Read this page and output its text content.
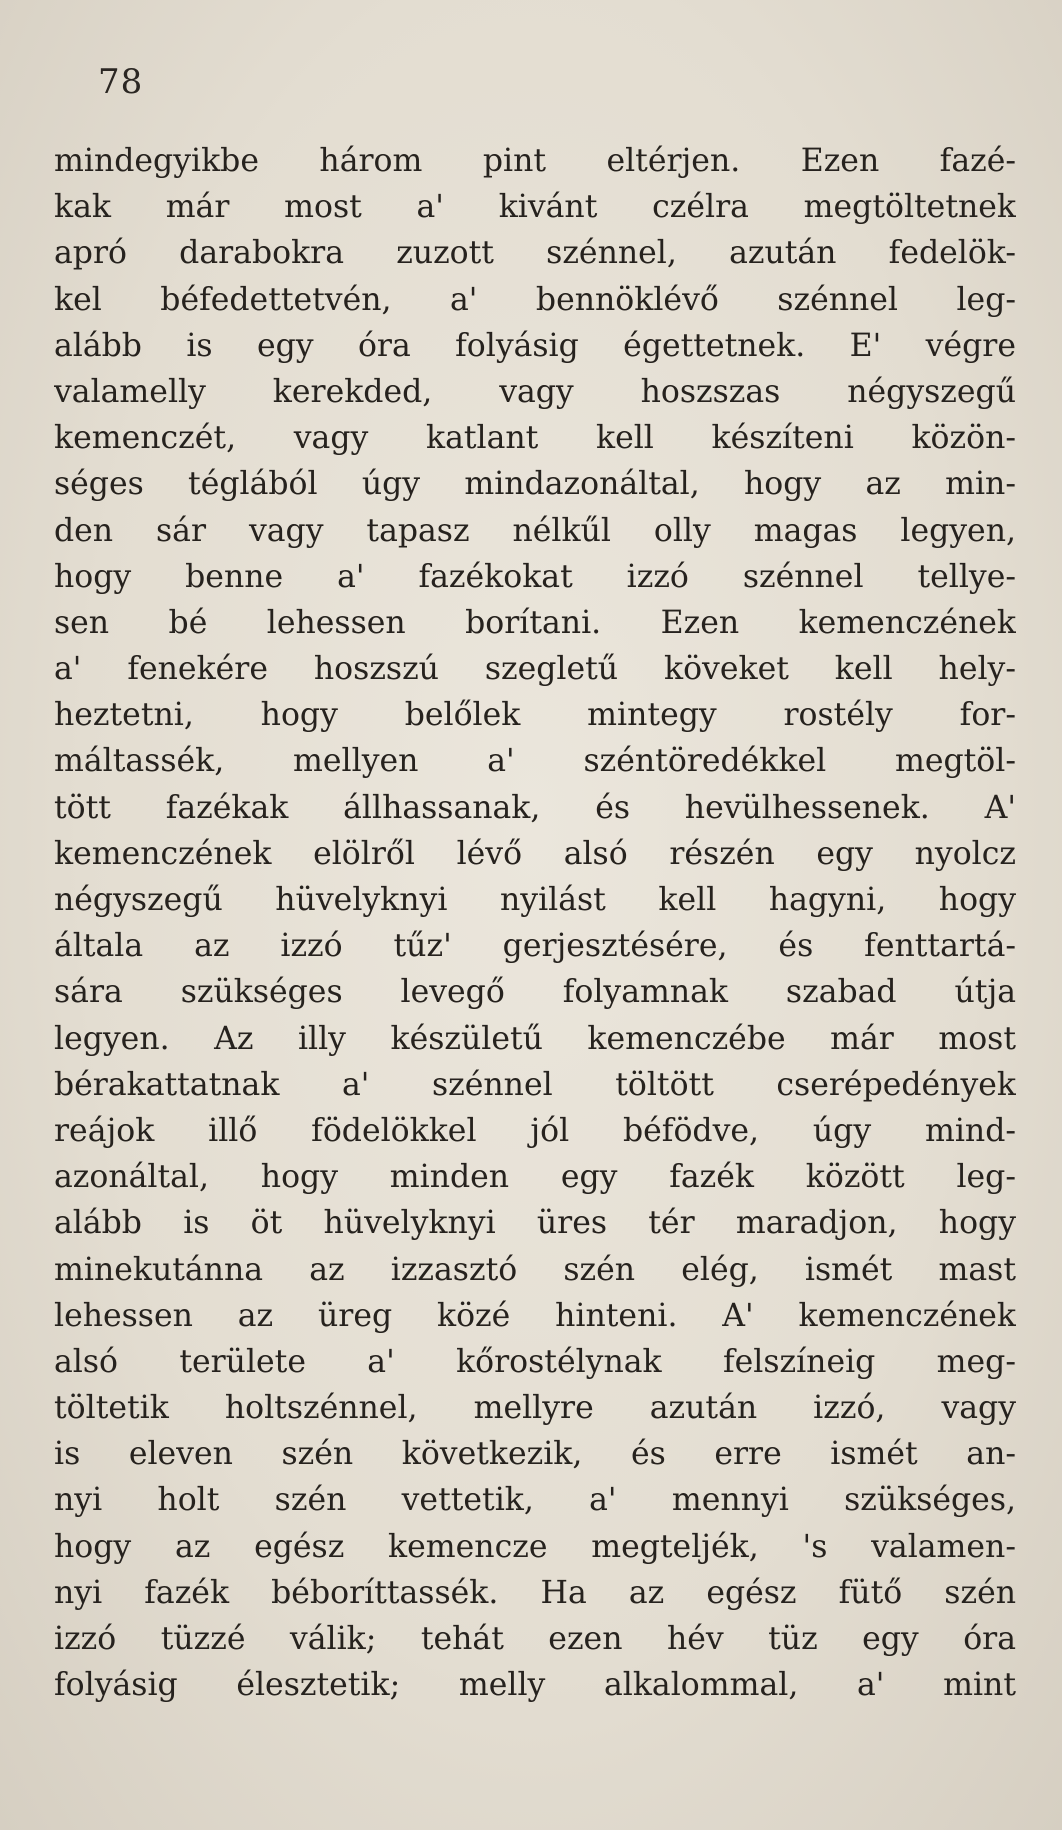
78
mindegyikbe három pint eltérjen. Ezen fazé-
kak már most a' kivánt czélra megtöltetnek
apró darabokra zuzott szénnel, azután fedelök-
kel béfedettetvén, a' bennöklévő szénnel leg-
alább is egy óra folyásig égettetnek. E' végre
valamelly kerekded, vagy hoszszas négyszegű
kemenczét, vagy katlant kell készíteni közön-
séges téglából úgy mindazonáltal, hogy az min-
den sár vagy tapasz nélkűl olly magas legyen,
hogy benne a' fazékokat izzó szénnel tellye-
sen bé lehessen borítani. Ezen kemenczének
a' fenekére hoszszú szegletű köveket kell hely-
heztetni, hogy belőlek mintegy rostély for-
máltassék, mellyen a' széntöredékkel megtöl-
tött fazékak állhassanak, és hevülhessenek. A'
kemenczének elölről lévő alsó részén egy nyolcz
négyszegű hüvelyknyi nyilást kell hagyni, hogy
általa az izzó tűz' gerjesztésére, és fenttartá-
sára szükséges levegő folyamnak szabad útja
legyen. Az illy készületű kemenczébe már most
bérakattatnak a' szénnel töltött cserépedények
reájok illő födelökkel jól béfödve, úgy mind-
azonáltal, hogy minden egy fazék között leg-
alább is öt hüvelyknyi üres tér maradjon, hogy
minekutánna az izzasztó szén elég, ismét mast
lehessen az üreg közé hinteni. A' kemenczének
alsó területe a' kőrostélynak felszíneig meg-
töltetik holtszénnel, mellyre azután izzó, vagy
is eleven szén következik, és erre ismét an-
nyi holt szén vettetik, a' mennyi szükséges,
hogy az egész kemencze megteljék, 's valamen-
nyi fazék béboríttassék. Ha az egész fütő szén
izzó tüzzé válik; tehát ezen hév tüz egy óra
folyásig élesztetik; melly alkalommal, a' mint
